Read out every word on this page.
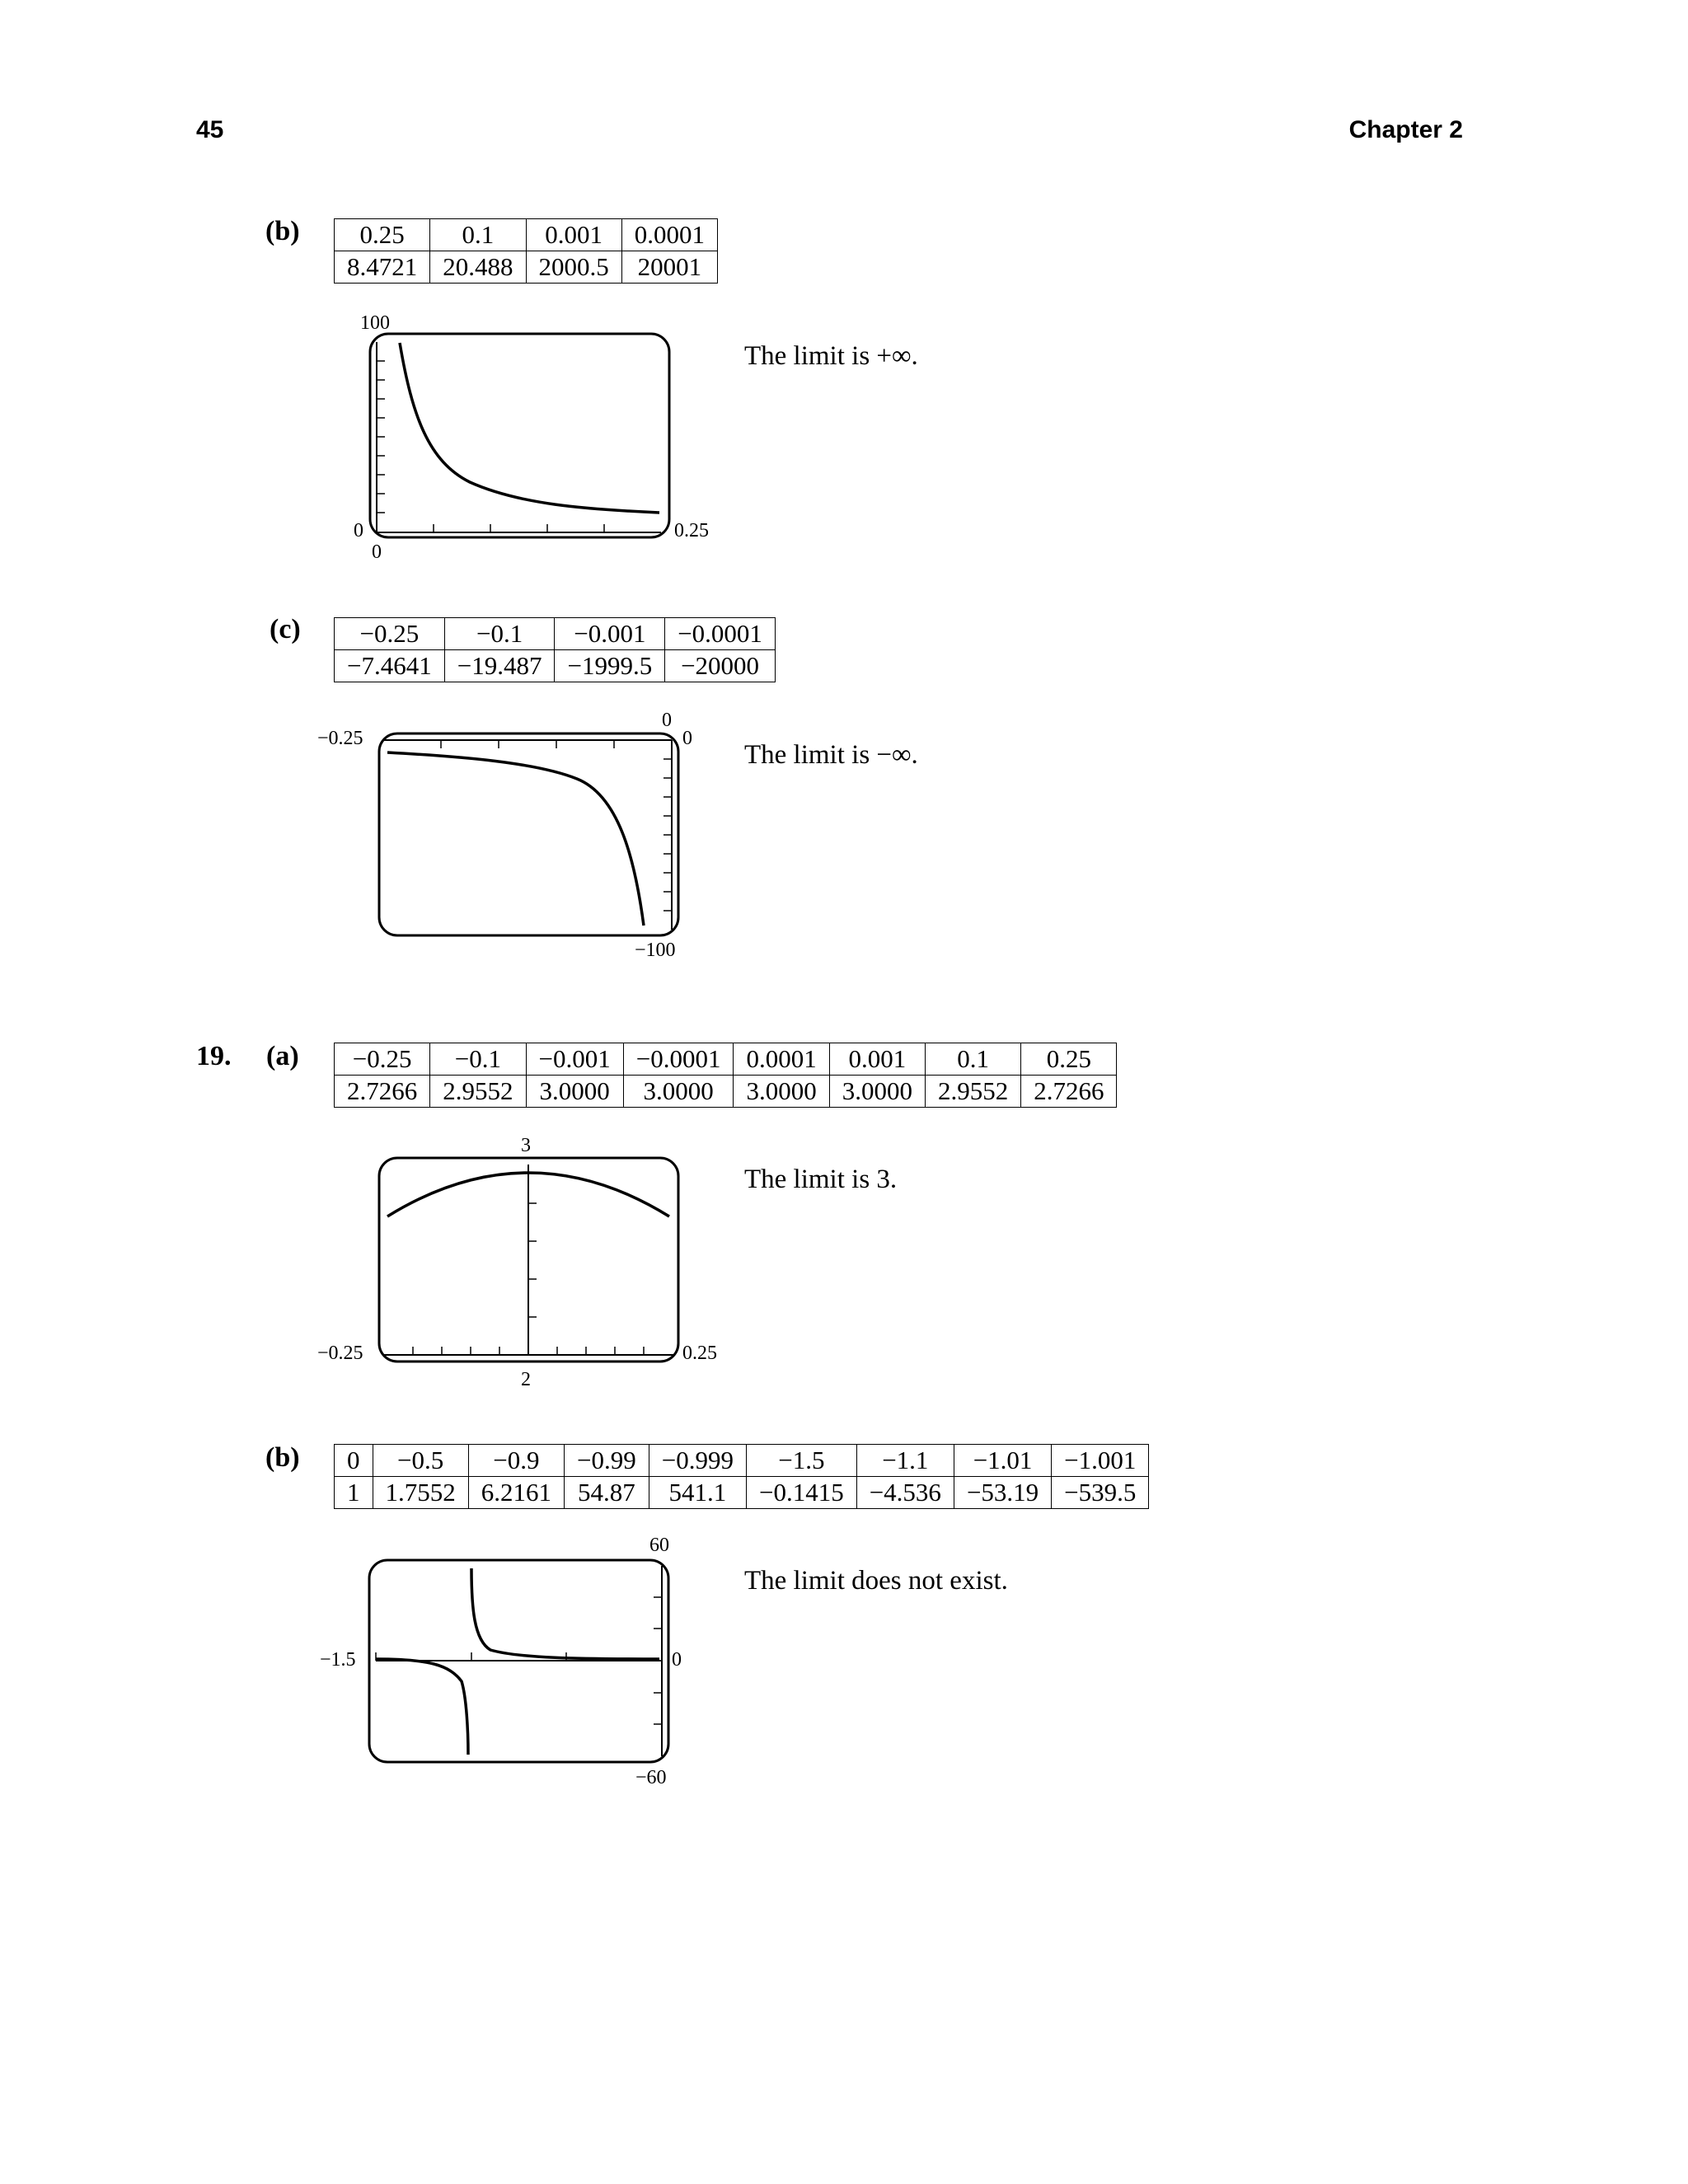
45	Chapter 2
(b) 0.25	0.1	0.001	0.0001
8.4721	20.488	2000.5	20001
100
0
0
0.25
The limit is +∞.
(c) −0.25	−0.1	−0.001	−0.0001
−7.4641	−19.487	−1999.5	−20000
−0.25
0
0
−100
The limit is −∞.
19. (a) −0.25	−0.1	−0.001	−0.0001	0.0001	0.001	0.1	0.25
2.7266	2.9552	3.0000	3.0000	3.0000	3.0000	2.9552	2.7266
3
−0.25	0.25
2
The limit is 3.
(b) 0	−0.5	−0.9	−0.99	−0.999	−1.5	−1.1	−1.01	−1.001
1	1.7552	6.2161	54.87	541.1	−0.1415	−4.536	−53.19	−539.5
60
−1.5	0
−60
The limit does not exist.
